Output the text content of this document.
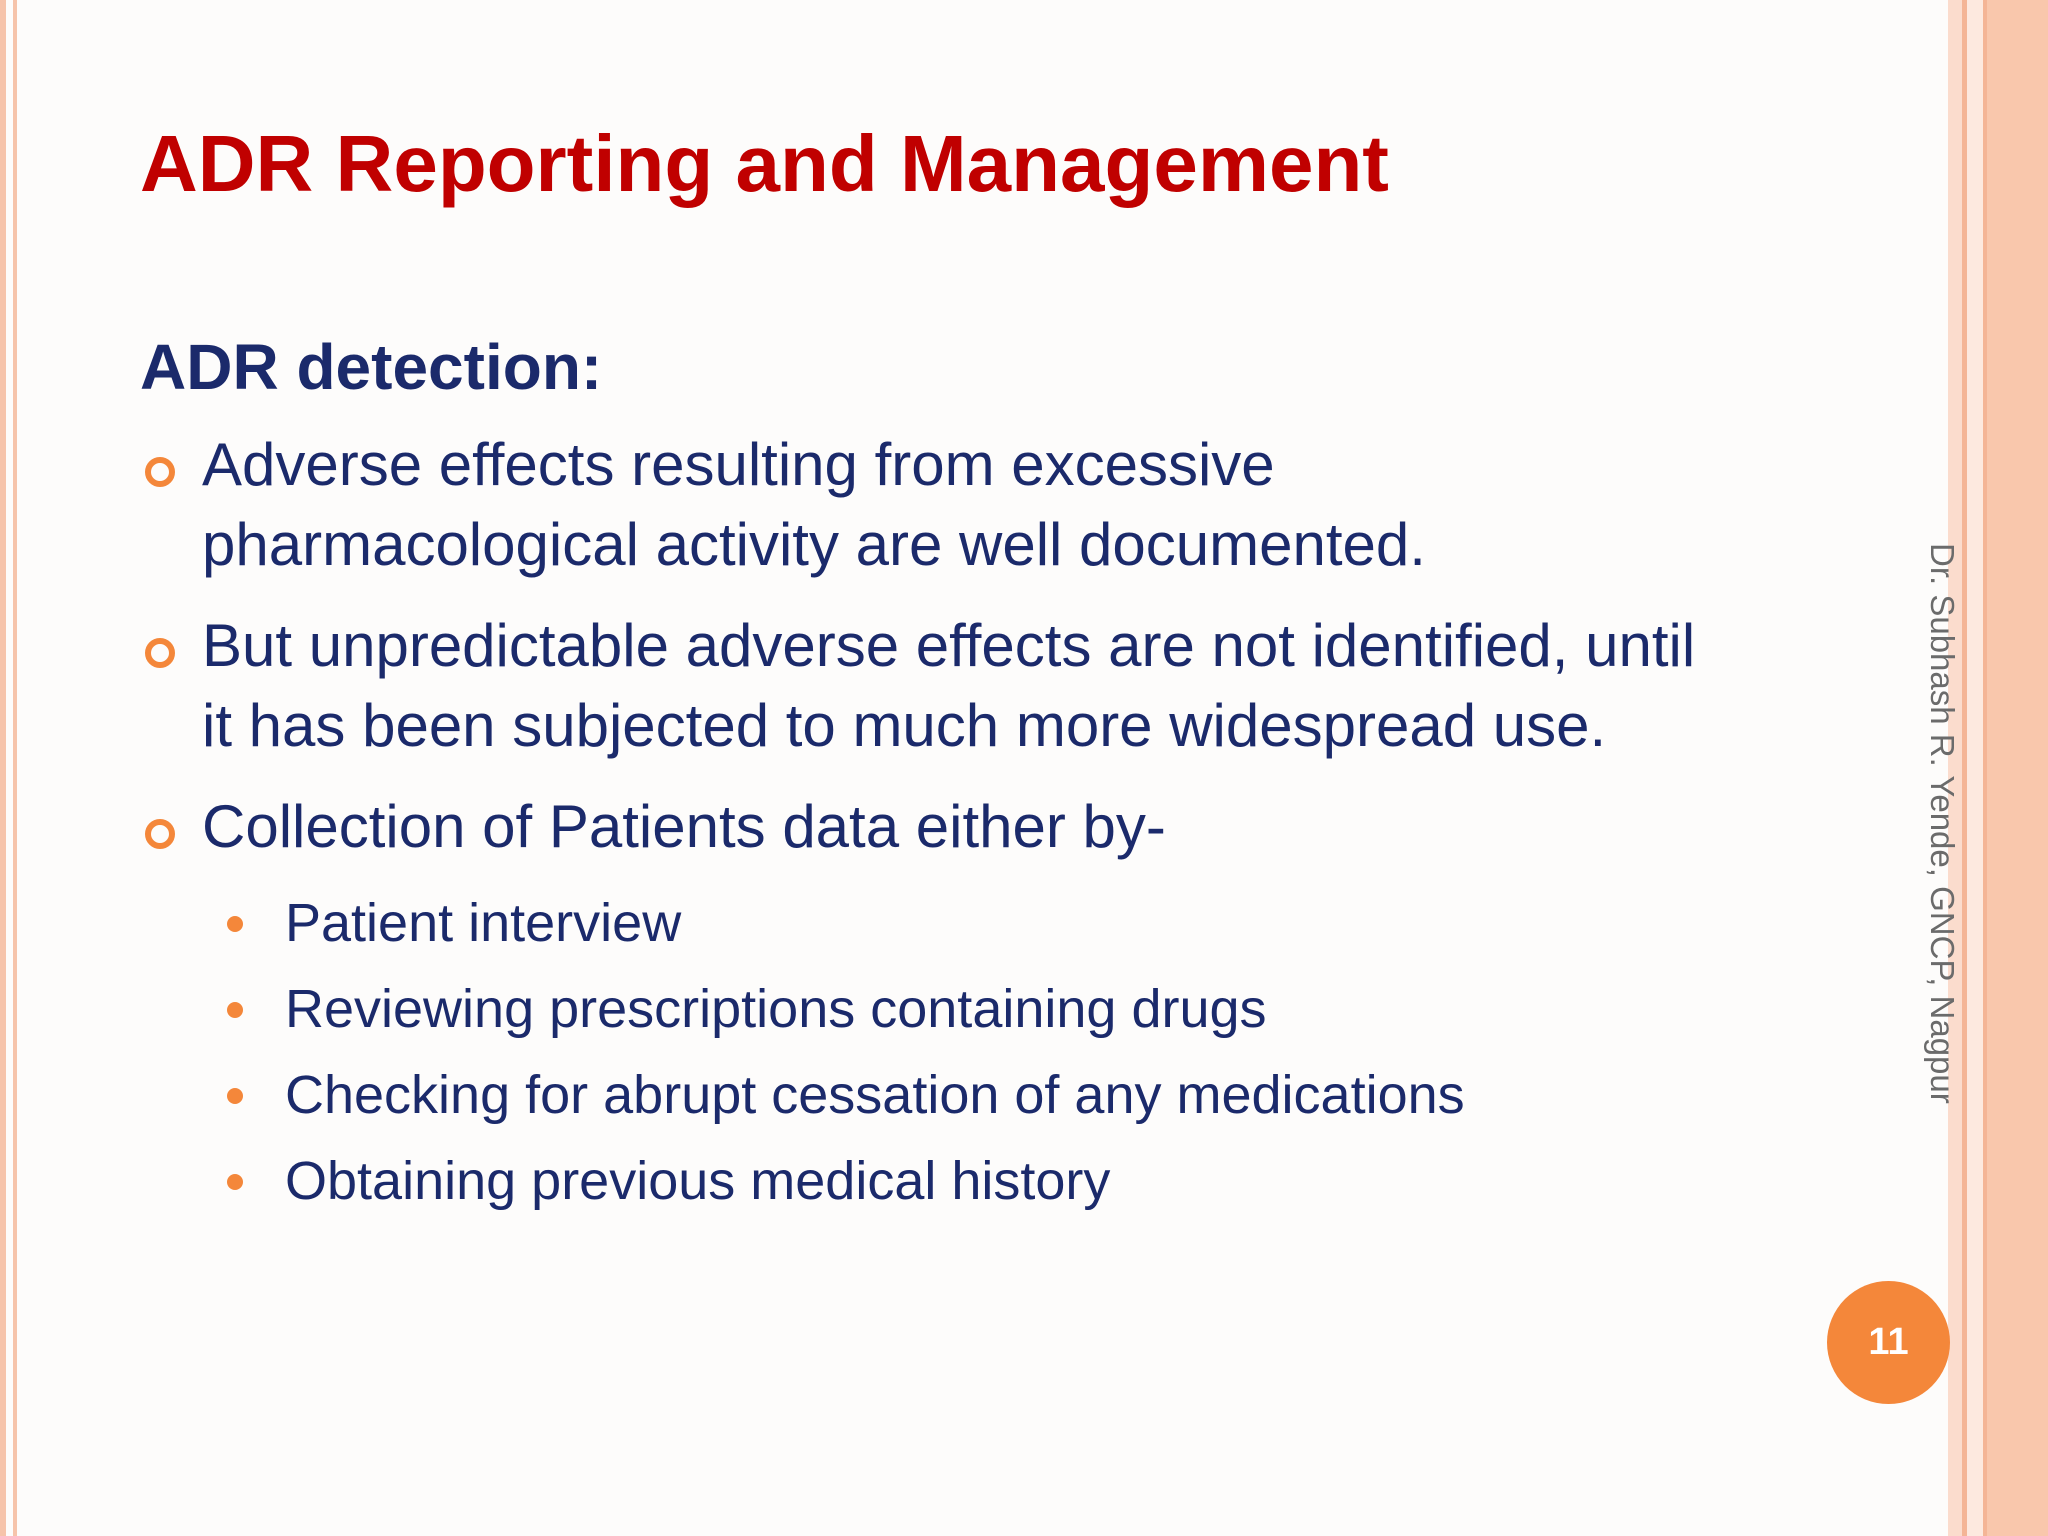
ADR Reporting and Management
ADR detection:
Adverse effects resulting from excessive
pharmacological activity are well documented.
But unpredictable adverse effects are not identified, until
it has been subjected to much more widespread use.
Collection of Patients data either by-
Patient interview
Reviewing prescriptions containing drugs
Checking for abrupt cessation of any medications
Obtaining previous medical history
Dr. Subhash R. Yende, GNCP, Nagpur
11
